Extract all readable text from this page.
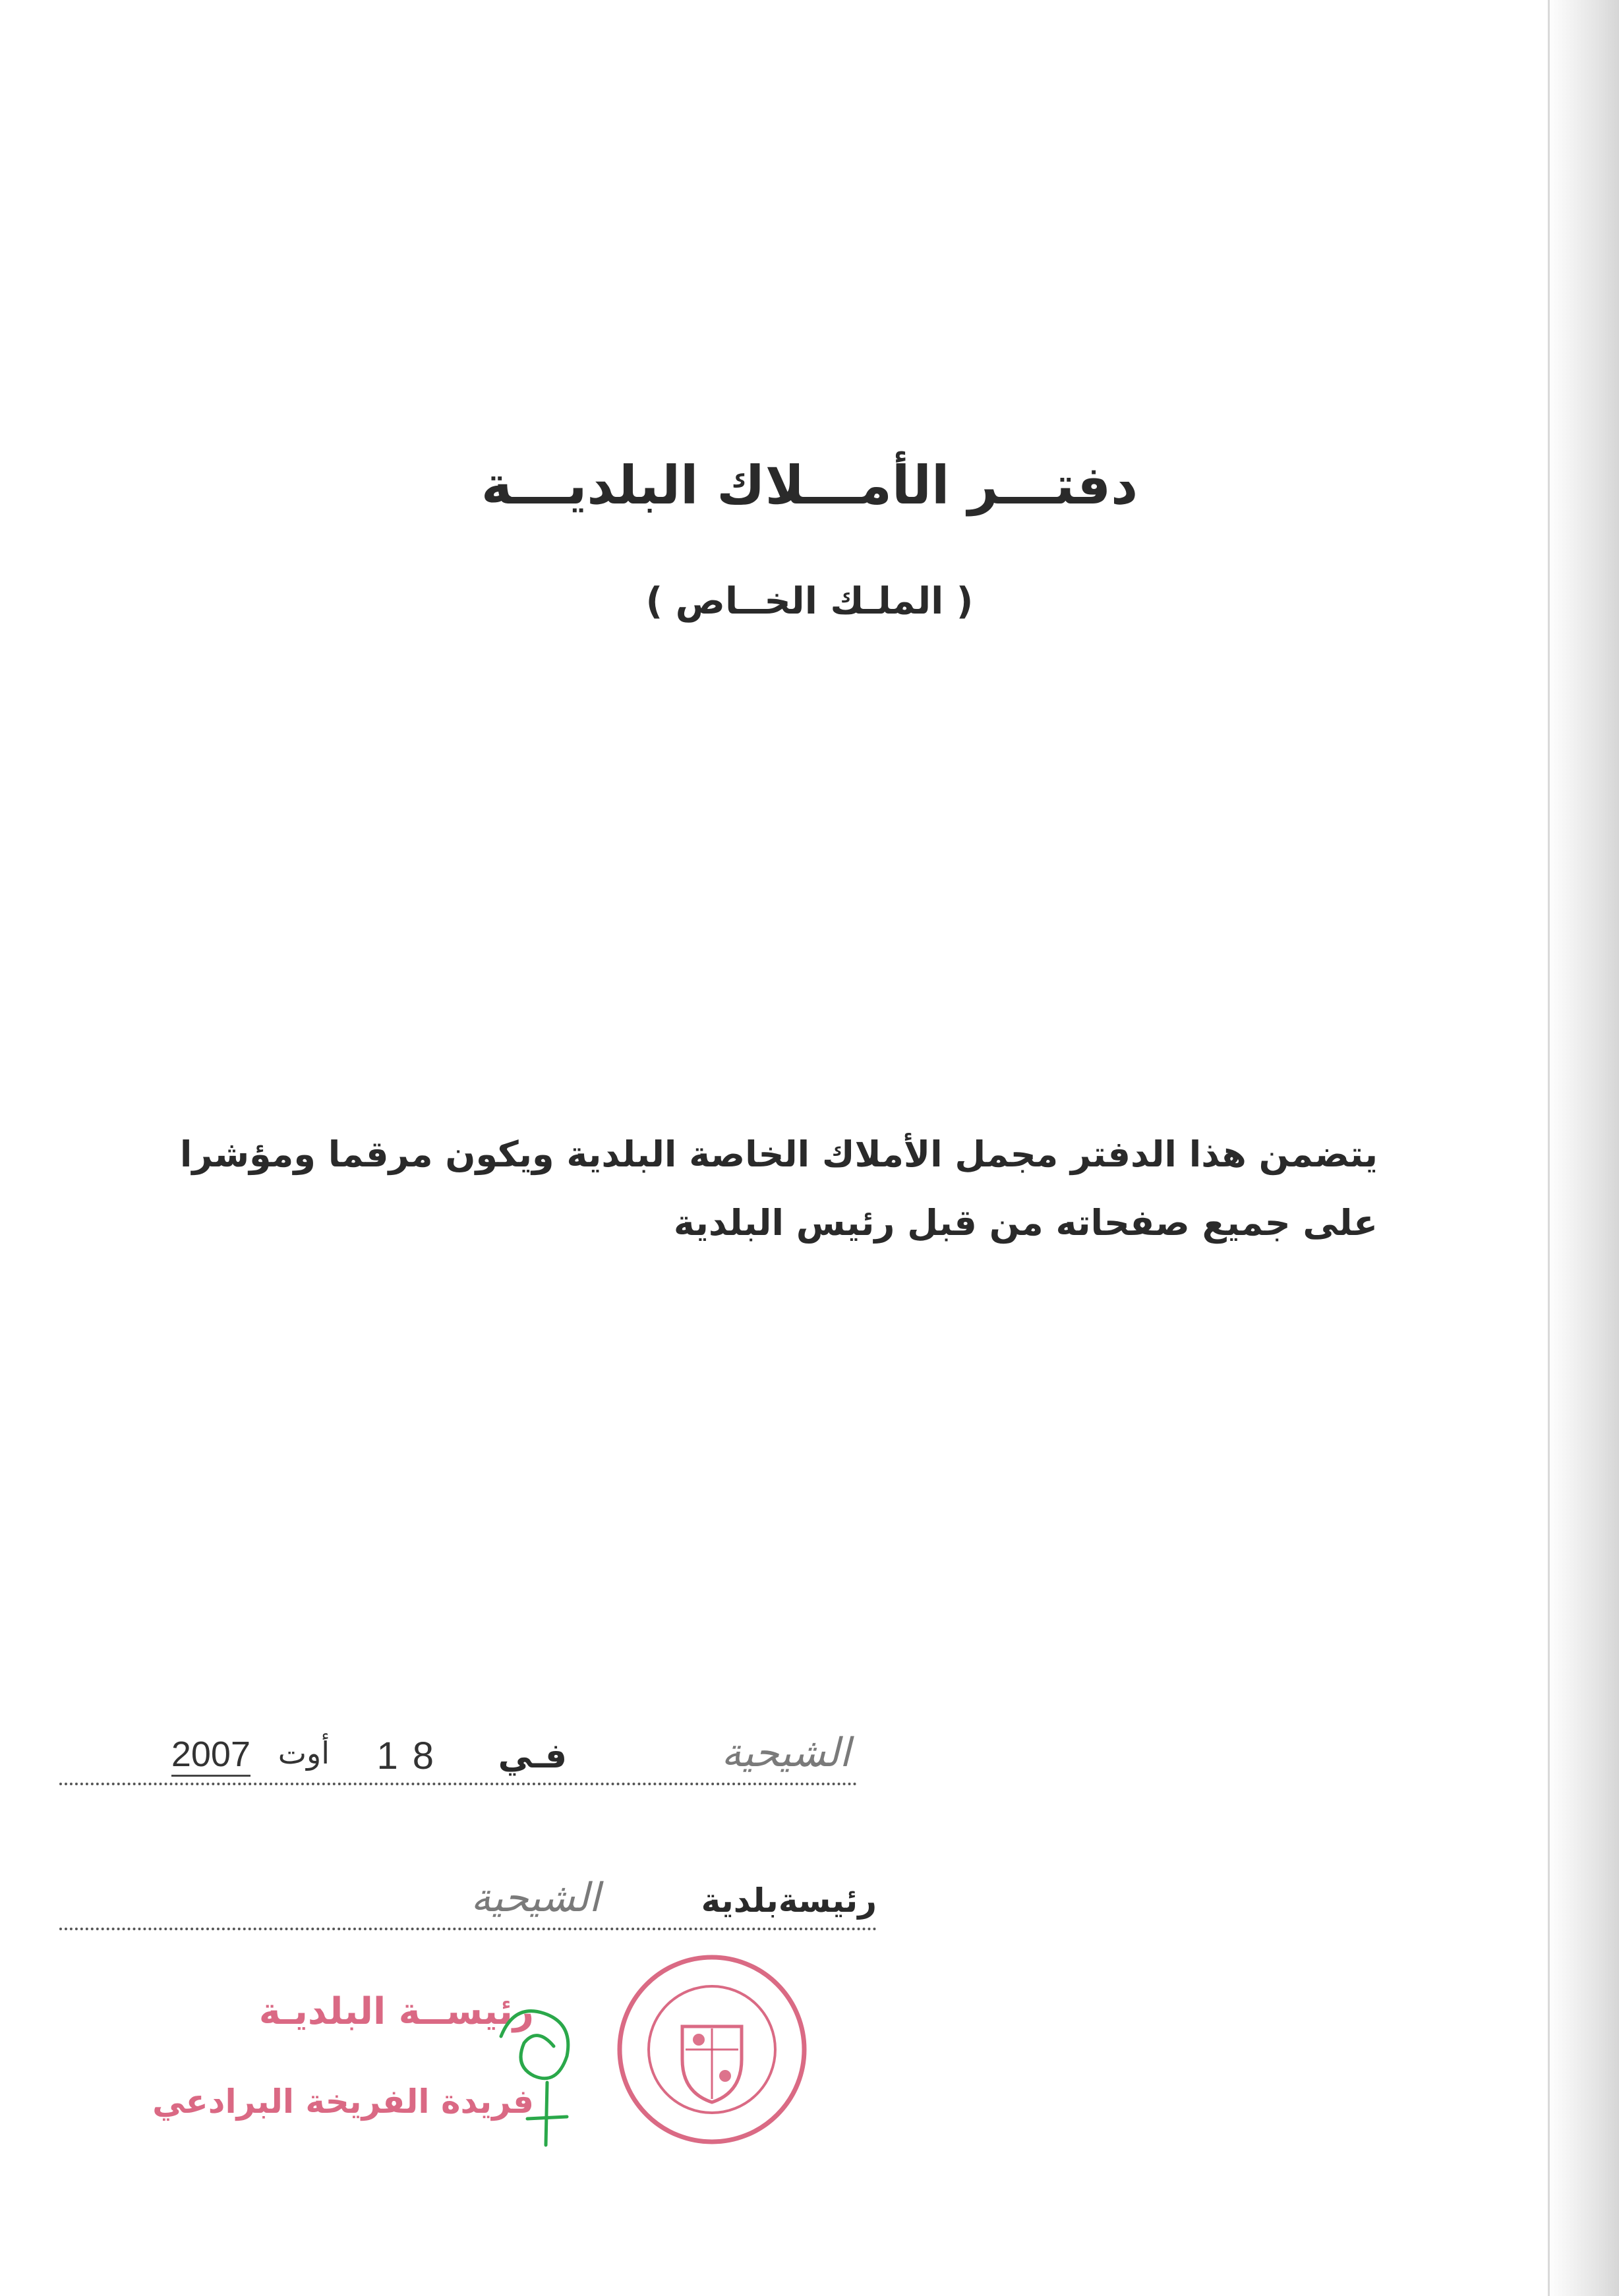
دفتـــر الأمـــلاك البلديـــة
( الملـك الخــاص )
يتضمن هذا الدفتر مجمل الأملاك الخاصة البلدية ويكون مرقما ومؤشرا
على جميع صفحاته من قبل رئيس البلدية
الشيحية
فـي
18
أوت
2007
رئيسةبلدية
الشيحية
رئيســة البلديـة
فريدة الفريخة البرادعي
